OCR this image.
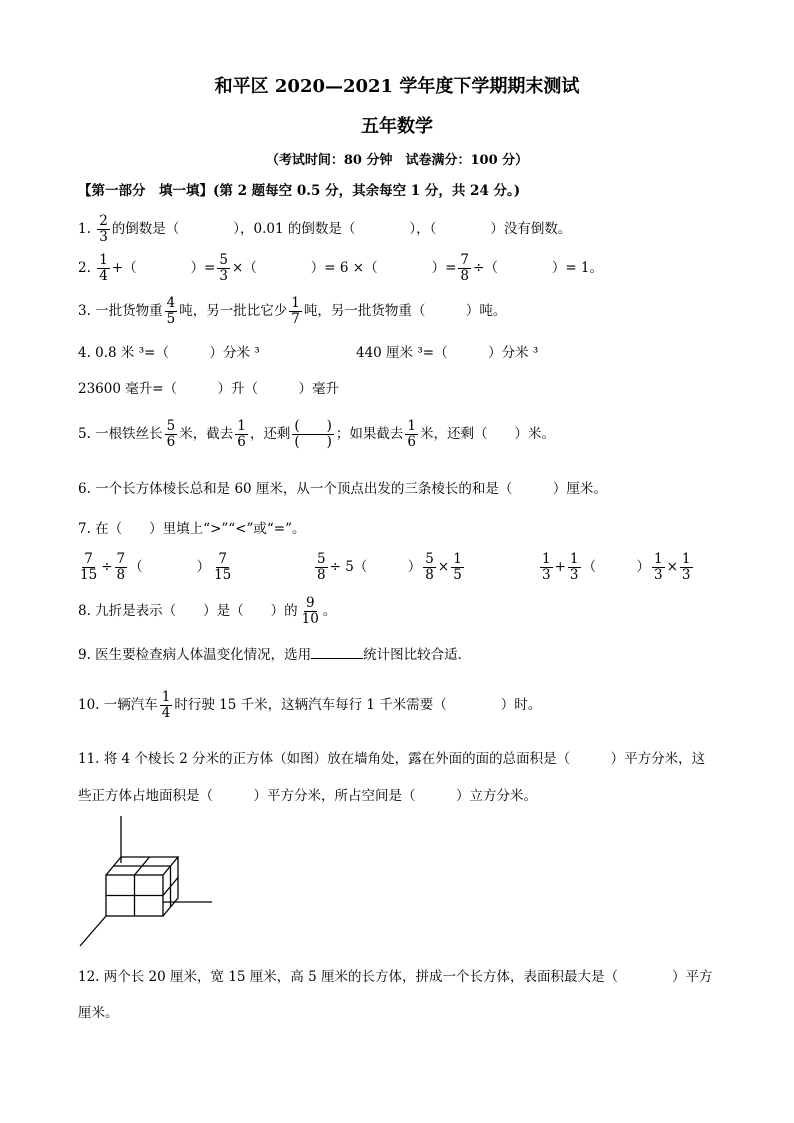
和平区 2020—2021 学年度下学期期末测试
五年数学
（考试时间：80 分钟　试卷满分：100 分）
【第一部分　填一填】(第 2 题每空 0.5 分，其余每空 1 分，共 24 分。)
1. $\frac{2}{3}$ 的倒数是（　　　　），0.01 的倒数是（　　　　），（　　　　）没有倒数。
2. $\frac{1}{4}$ +（　　　　）= $\frac{5}{3}$ ×（　　　　）= 6 ×（　　　　）= $\frac{7}{8}$ ÷（　　　　）= 1。
3. 一批货物重 $\frac{4}{5}$ 吨，另一批比它少 $\frac{1}{7}$ 吨，另一批货物重（　　　）吨。
4. 0.8 米 ³=（　　　）分米 ³	440 厘米 ³=（　　　）分米 ³
23600 毫升=（　　　）升（　　　）毫升
5. 一根铁丝长 $\frac{5}{6}$ 米，截去 $\frac{1}{6}$ ，还剩 $\frac{( )}{( )}$ ；如果截去 $\frac{1}{6}$ 米，还剩（　　）米。
6. 一个长方体棱长总和是 60 厘米，从一个顶点出发的三条棱长的和是（　　　）厘米。
7. 在（　　）里填上“>”“<”或“=”。
$\frac{7}{15} \div \frac{7}{8}$ （　　　　） $\frac{7}{15}$	$\frac{5}{8} \div 5$（　　　） $\frac{5}{8} \times \frac{1}{5}$	$\frac{1}{3} + \frac{1}{3}$ （　　　） $\frac{1}{3} \times \frac{1}{3}$
8. 九折是表示（　　）是（　　）的 $\frac{9}{10}$ 。
9. 医生要检查病人体温变化情况，选用	统计图比较合适．
10. 一辆汽车 $\frac{1}{4}$ 时行驶 15 千米，这辆汽车每行 1 千米需要（　　　　）时。
11. 将 4 个棱长 2 分米的正方体（如图）放在墙角处，露在外面的面的总面积是（　　　）平方分米，这
些正方体占地面积是（　　　）平方分米，所占空间是（　　　）立方分米。
12. 两个长 20 厘米，宽 15 厘米，高 5 厘米的长方体，拼成一个长方体，表面积最大是（　　　　）平方
厘米。
